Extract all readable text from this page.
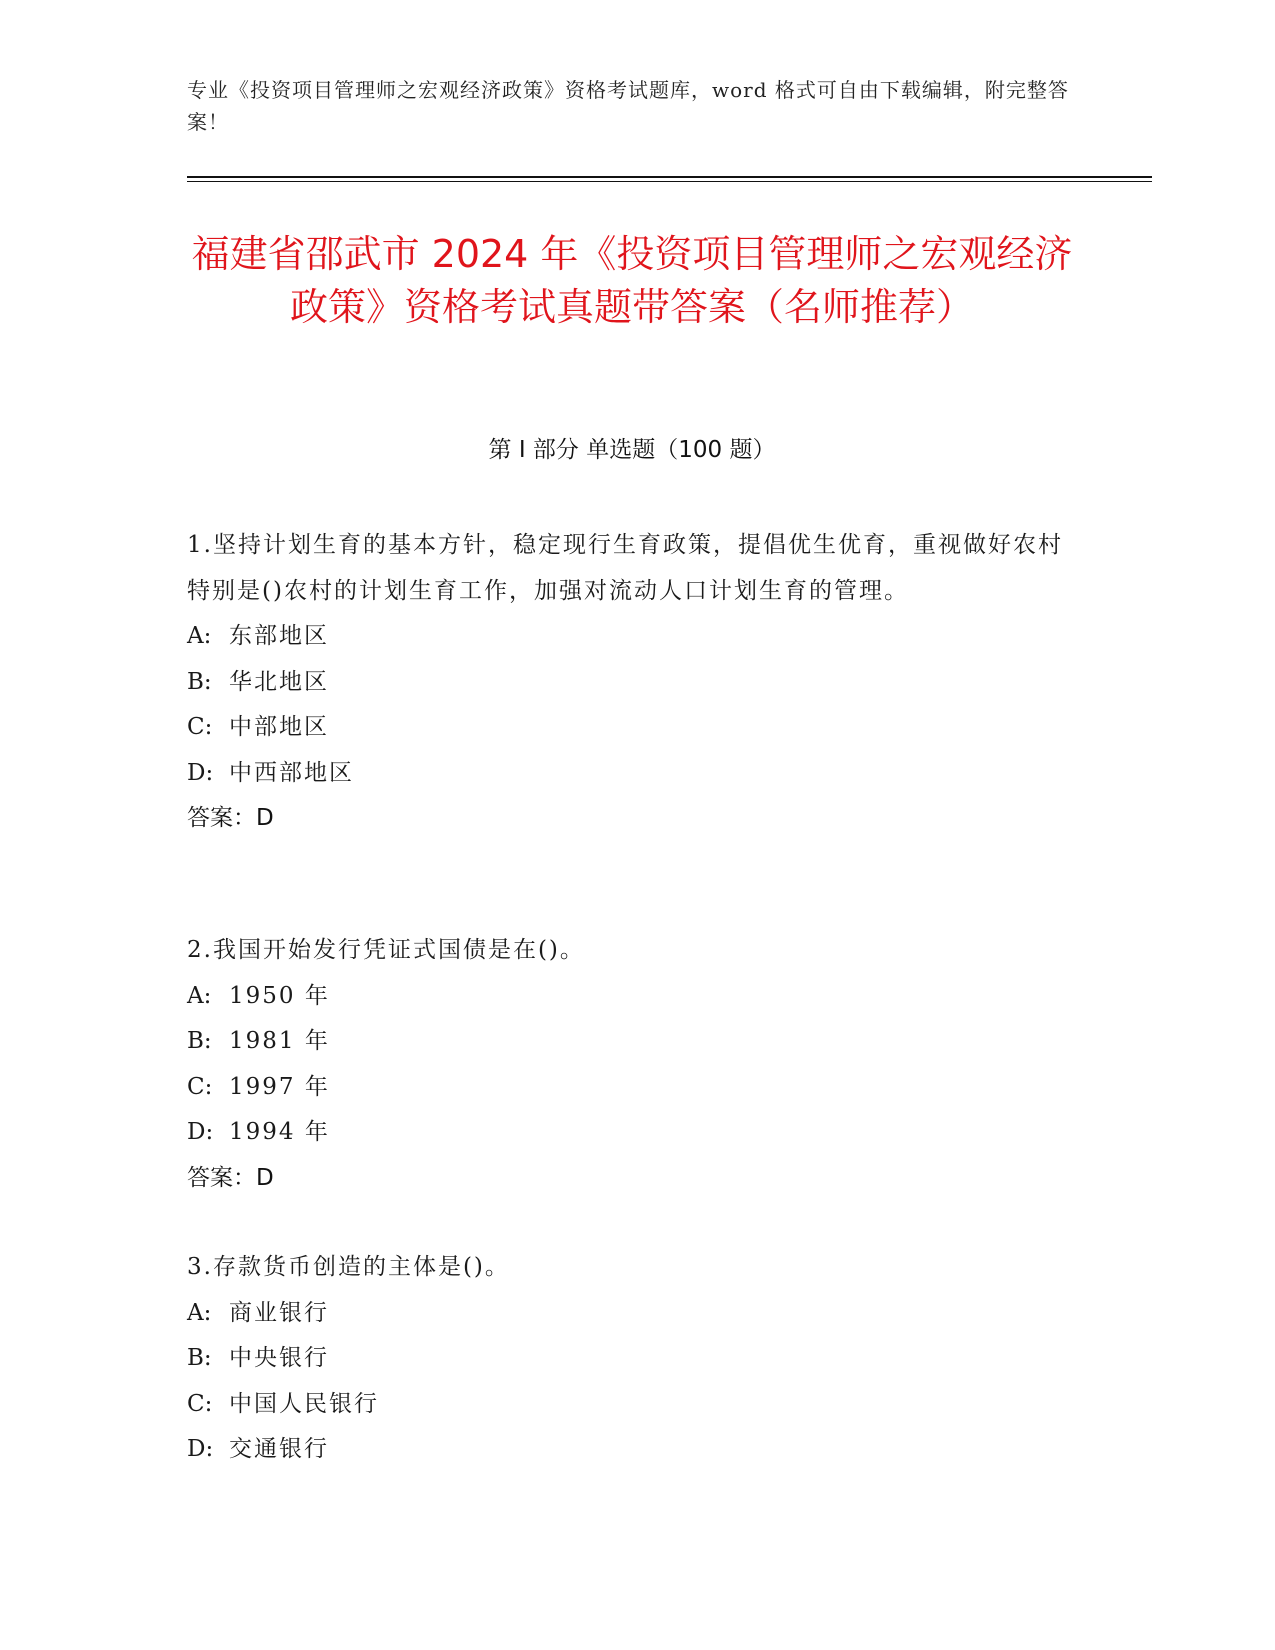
专业《投资项目管理师之宏观经济政策》资格考试题库，word 格式可自由下载编辑，附完整答案！
福建省邵武市 2024 年《投资项目管理师之宏观经济政策》资格考试真题带答案（名师推荐）
第 I 部分 单选题（100 题）

1.坚持计划生育的基本方针，稳定现行生育政策，提倡优生优育，重视做好农村特别是()农村的计划生育工作，加强对流动人口计划生育的管理。

A: 东部地区

B: 华北地区

C: 中部地区

D: 中西部地区

答案：D

2.我国开始发行凭证式国债是在()。

A: 1950 年

B: 1981 年

C: 1997 年

D: 1994 年

答案：D

3.存款货币创造的主体是()。

A: 商业银行

B: 中央银行

C: 中国人民银行

D: 交通银行
